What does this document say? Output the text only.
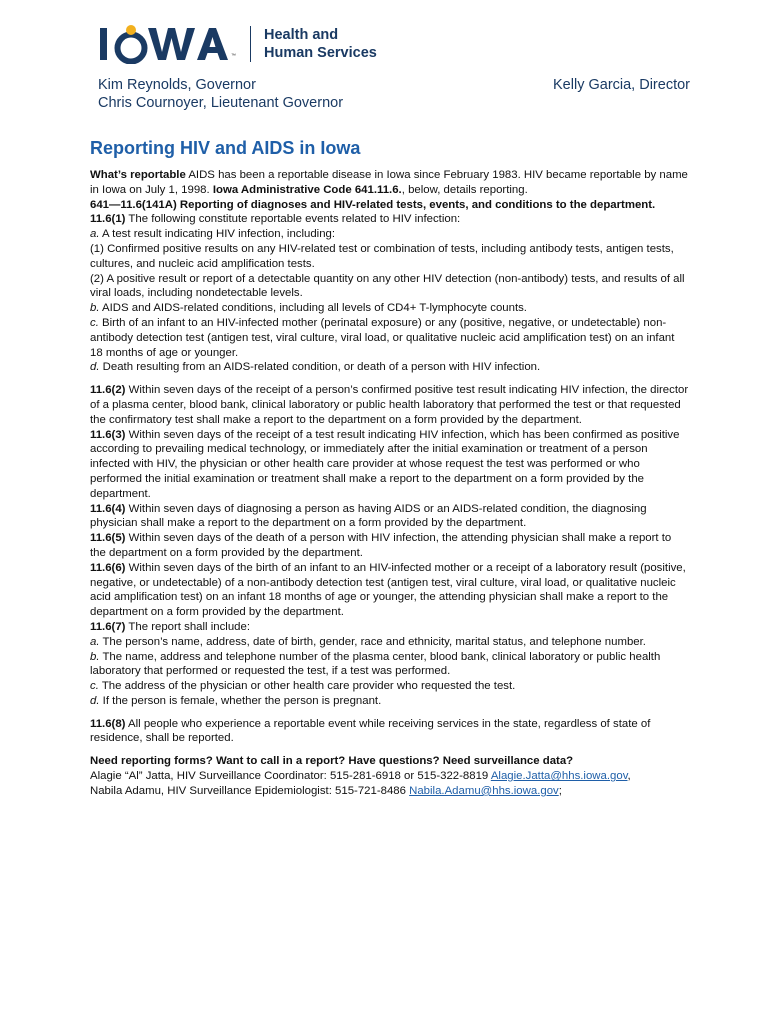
™
Health and
Human Services
Kim Reynolds, Governor
Chris Cournoyer, Lieutenant Governor
Kelly Garcia, Director
Reporting HIV and AIDS in Iowa

What’s reportable AIDS has been a reportable disease in Iowa since February 1983. HIV became reportable by name in Iowa on July 1, 1998. Iowa Administrative Code 641.11.6., below, details reporting.

641—11.6(141A) Reporting of diagnoses and HIV-related tests, events, and conditions to the department.

11.6(1) The following constitute reportable events related to HIV infection:

a. A test result indicating HIV infection, including:

(1) Confirmed positive results on any HIV-related test or combination of tests, including antibody tests, antigen tests, cultures, and nucleic acid amplification tests.

(2) A positive result or report of a detectable quantity on any other HIV detection (non-antibody) tests, and results of all viral loads, including nondetectable levels.

b. AIDS and AIDS-related conditions, including all levels of CD4+ T-lymphocyte counts.

c. Birth of an infant to an HIV-infected mother (perinatal exposure) or any (positive, negative, or undetectable) non-antibody detection test (antigen test, viral culture, viral load, or qualitative nucleic acid amplification test) on an infant 18 months of age or younger.

d. Death resulting from an AIDS-related condition, or death of a person with HIV infection.

11.6(2) Within seven days of the receipt of a person’s confirmed positive test result indicating HIV infection, the director of a plasma center, blood bank, clinical laboratory or public health laboratory that performed the test or that requested the confirmatory test shall make a report to the department on a form provided by the department.

11.6(3) Within seven days of the receipt of a test result indicating HIV infection, which has been confirmed as positive according to prevailing medical technology, or immediately after the initial examination or treatment of a person infected with HIV, the physician or other health care provider at whose request the test was performed or who performed the initial examination or treatment shall make a report to the department on a form provided by the department.

11.6(4) Within seven days of diagnosing a person as having AIDS or an AIDS-related condition, the diagnosing physician shall make a report to the department on a form provided by the department.

11.6(5) Within seven days of the death of a person with HIV infection, the attending physician shall make a report to the department on a form provided by the department.

11.6(6) Within seven days of the birth of an infant to an HIV-infected mother or a receipt of a laboratory result (positive, negative, or undetectable) of a non-antibody detection test (antigen test, viral culture, viral load, or qualitative nucleic acid amplification test) on an infant 18 months of age or younger, the attending physician shall make a report to the department on a form provided by the department.

11.6(7) The report shall include:

a. The person’s name, address, date of birth, gender, race and ethnicity, marital status, and telephone number.

b. The name, address and telephone number of the plasma center, blood bank, clinical laboratory or public health laboratory that performed or requested the test, if a test was performed.

c. The address of the physician or other health care provider who requested the test.

d. If the person is female, whether the person is pregnant.

11.6(8) All people who experience a reportable event while receiving services in the state, regardless of state of residence, shall be reported.

Need reporting forms? Want to call in a report? Have questions? Need surveillance data?

Alagie “Al” Jatta, HIV Surveillance Coordinator: 515-281-6918 or 515-322-8819 Alagie.Jatta@hhs.iowa.gov,

Nabila Adamu, HIV Surveillance Epidemiologist: 515-721-8486 Nabila.Adamu@hhs.iowa.gov;
